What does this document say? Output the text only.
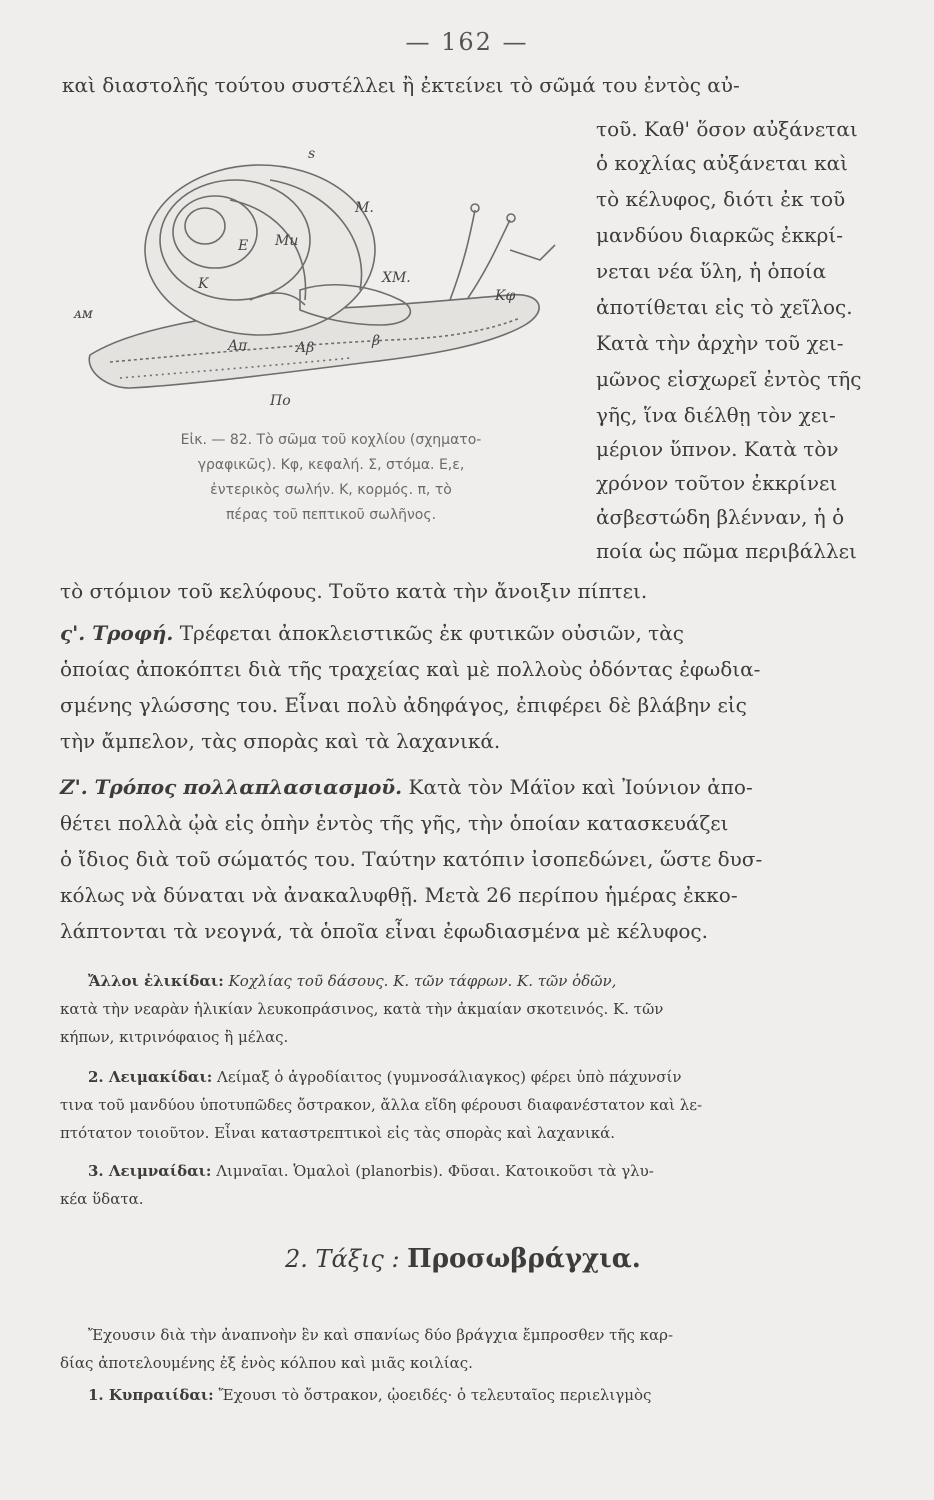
— 162 —
καὶ διαστολῆς τούτου συστέλλει ἢ ἐκτείνει τὸ σῶμά του ἐντὸς αὐ-
s
M.
Mu
E
K	XM.
Kφ
Aπ	Aβ	β
Πo
ᴀᴍ
Εἰκ. — 82. Τὸ σῶμα τοῦ κοχλίου (σχηματο-
γραφικῶς). Κφ, κεφαλή. Σ, στόμα. Ε,ε,
ἐντερικὸς σωλήν. Κ, κορμός. π, τὸ
πέρας τοῦ πεπτικοῦ σωλῆνος.
τοῦ. Καθ' ὅσον αὐξάνεται
ὁ κοχλίας αὐξάνεται καὶ
τὸ κέλυφος, διότι ἐκ τοῦ
μανδύου διαρκῶς ἐκκρί-
νεται νέα ὕλη, ἡ ὁποία
ἀποτίθεται εἰς τὸ χεῖλος.
Κατὰ τὴν ἀρχὴν τοῦ χει-
μῶνος εἰσχωρεῖ ἐντὸς τῆς
γῆς, ἵνα διέλθῃ τὸν χει-
μέριον ὕπνον. Κατὰ τὸν
χρόνον τοῦτον ἐκκρίνει
ἀσβεστώδη βλένναν, ἡ ὁ
ποία ὡς πῶμα περιβάλλει
τὸ στόμιον τοῦ κελύφους. Τοῦτο κατὰ τὴν ἄνοιξιν πίπτει.
ς'. Τροφή. Τρέφεται ἀποκλειστικῶς ἐκ φυτικῶν οὐσιῶν, τὰς
ὁποίας ἀποκόπτει διὰ τῆς τραχείας καὶ μὲ πολλοὺς ὀδόντας ἐφωδια-
σμένης γλώσσης του. Εἶναι πολὺ ἀδηφάγος, ἐπιφέρει δὲ βλάβην εἰς
τὴν ἄμπελον, τὰς σπορὰς καὶ τὰ λαχανικά.
Ζ'. Τρόπος πολλαπλασιασμοῦ. Κατὰ τὸν Μάϊον καὶ Ἰούνιον ἀπο-
θέτει πολλὰ ᾠὰ εἰς ὀπὴν ἐντὸς τῆς γῆς, τὴν ὁποίαν κατασκευάζει
ὁ ἴδιος διὰ τοῦ σώματός του. Ταύτην κατόπιν ἰσοπεδώνει, ὥστε δυσ-
κόλως νὰ δύναται νὰ ἀνακαλυφθῇ. Μετὰ 26 περίπου ἡμέρας ἐκκο-
λάπτονται τὰ νεογνά, τὰ ὁποῖα εἶναι ἐφωδιασμένα μὲ κέλυφος.
Ἄλλοι ἑλικίδαι: Κοχλίας τοῦ δάσους. Κ. τῶν τάφρων. Κ. τῶν ὁδῶν,
κατὰ τὴν νεαρὰν ἡλικίαν λευκοπράσινος, κατὰ τὴν ἀκμαίαν σκοτεινός. Κ. τῶν
κήπων, κιτρινόφαιος ἢ μέλας.
2. Λειμακίδαι: Λείμαξ ὁ ἀγροδίαιτος (γυμνοσάλιαγκος) φέρει ὑπὸ πάχυνσίν
τινα τοῦ μανδύου ὑποτυπῶδες ὄστρακον, ἄλλα εἴδη φέρουσι διαφανέστατον καὶ λε-
πτότατον τοιοῦτον. Εἶναι καταστρεπτικοὶ εἰς τὰς σπορὰς καὶ λαχανικά.
3. Λειμναίδαι: Λιμναῖαι. Ὁμαλοὶ (planorbis). Φῦσαι. Κατοικοῦσι τὰ γλυ-
κέα ὕδατα.
2. Τάξις : Προσωβράγχια.
Ἔχουσιν διὰ τὴν ἀναπνοὴν ἓν καὶ σπανίως δύο βράγχια ἔμπροσθεν τῆς καρ-
δίας ἀποτελουμένης ἐξ ἑνὸς κόλπου καὶ μιᾶς κοιλίας.
1. Κυπραιίδαι: Ἔχουσι τὸ ὄστρακον, ᾠοειδές· ὁ τελευταῖος περιελιγμὸς
